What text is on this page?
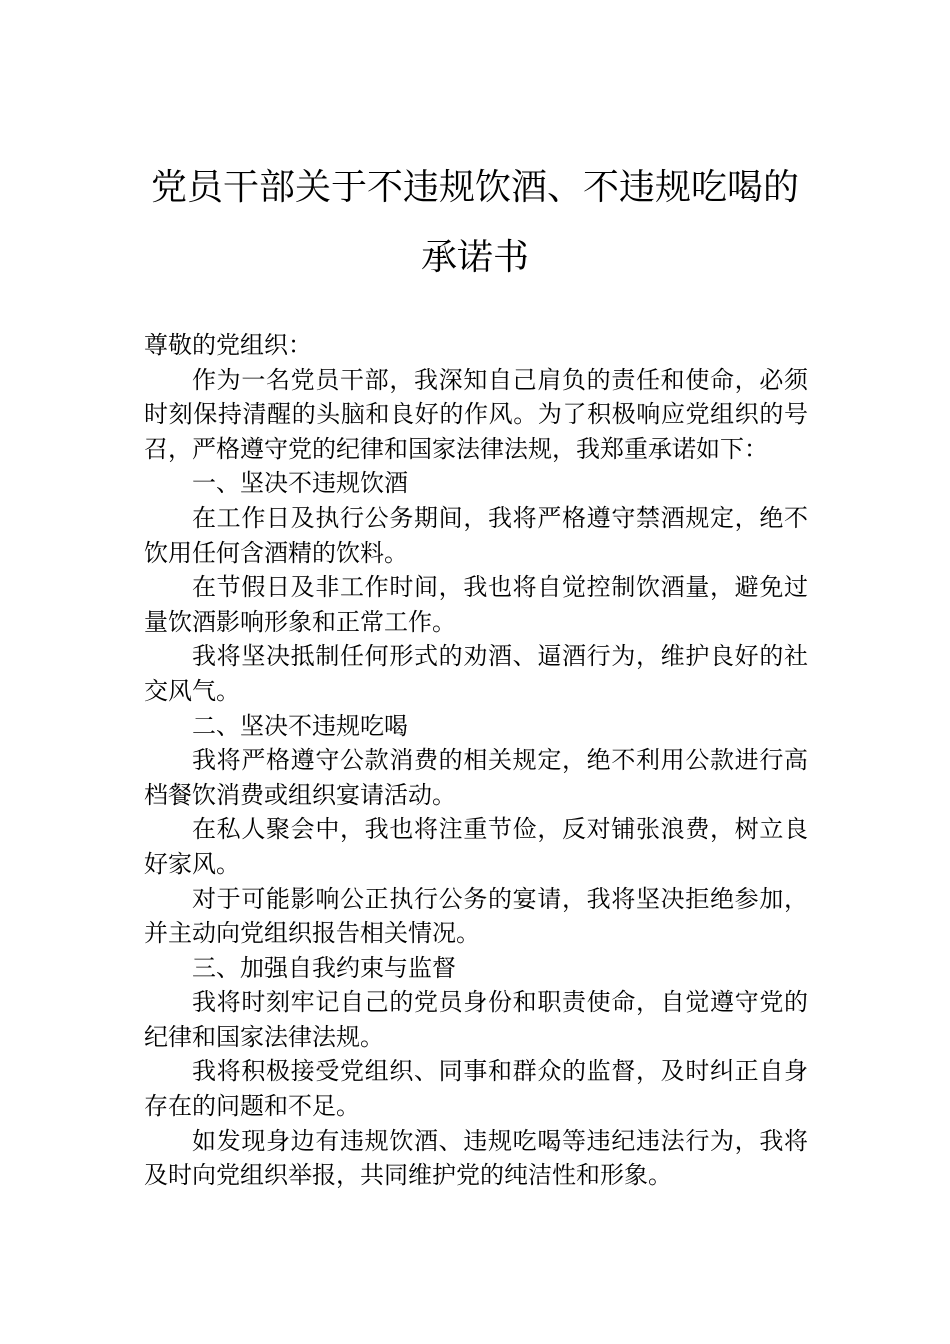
党员干部关于不违规饮酒、不违规吃喝的
承诺书

尊敬的党组织：

作为一名党员干部，我深知自己肩负的责任和使命，必须时刻保持清醒的头脑和良好的作风。为了积极响应党组织的号召，严格遵守党的纪律和国家法律法规，我郑重承诺如下：

一、坚决不违规饮酒

在工作日及执行公务期间，我将严格遵守禁酒规定，绝不饮用任何含酒精的饮料。

在节假日及非工作时间，我也将自觉控制饮酒量，避免过量饮酒影响形象和正常工作。

我将坚决抵制任何形式的劝酒、逼酒行为，维护良好的社交风气。

二、坚决不违规吃喝

我将严格遵守公款消费的相关规定，绝不利用公款进行高档餐饮消费或组织宴请活动。

在私人聚会中，我也将注重节俭，反对铺张浪费，树立良好家风。

对于可能影响公正执行公务的宴请，我将坚决拒绝参加，并主动向党组织报告相关情况。

三、加强自我约束与监督

我将时刻牢记自己的党员身份和职责使命，自觉遵守党的纪律和国家法律法规。

我将积极接受党组织、同事和群众的监督，及时纠正自身存在的问题和不足。

如发现身边有违规饮酒、违规吃喝等违纪违法行为，我将及时向党组织举报，共同维护党的纯洁性和形象。
